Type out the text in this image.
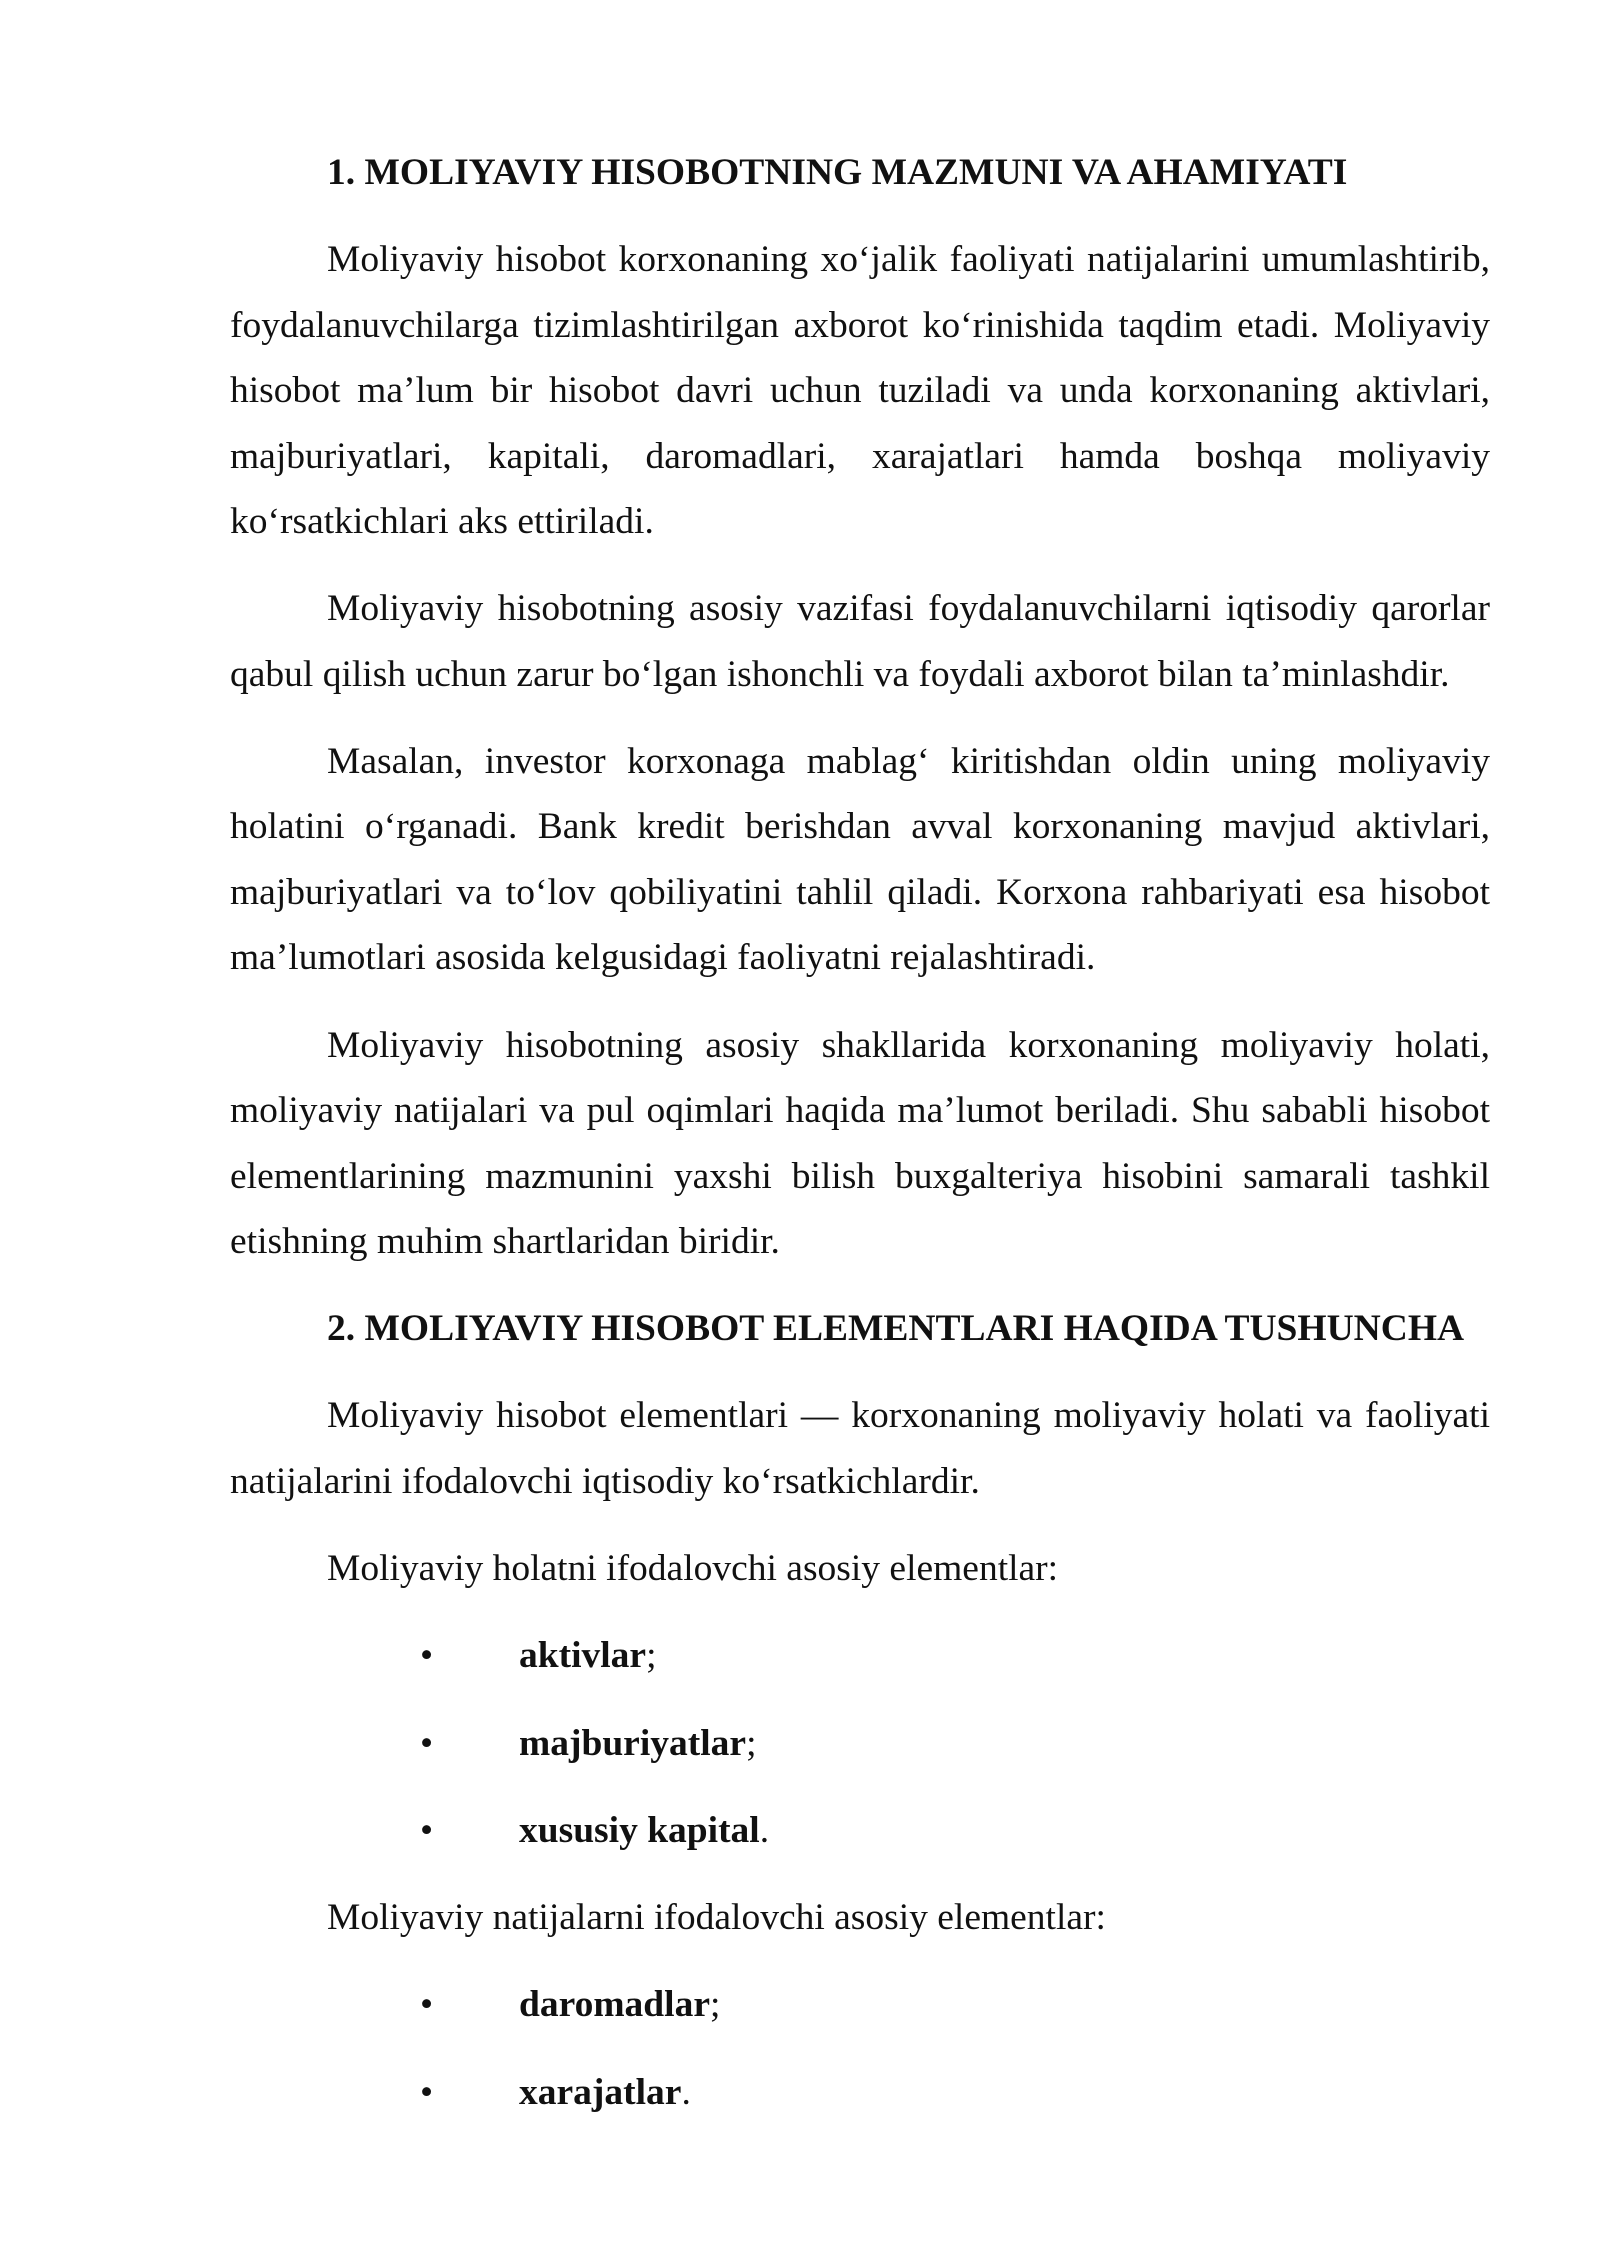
1. MOLIYAVIY HISOBOTNING MAZMUNI VA AHAMIYATI

Moliyaviy hisobot korxonaning xo‘jalik faoliyati natijalarini umumlashtirib, foydalanuvchilarga tizimlashtirilgan axborot ko‘rinishida taqdim etadi. Moliyaviy hisobot ma’lum bir hisobot davri uchun tuziladi va unda korxonaning aktivlari, majburiyatlari, kapitali, daromadlari, xarajatlari hamda boshqa moliyaviy ko‘rsatkichlari aks ettiriladi.

Moliyaviy hisobotning asosiy vazifasi foydalanuvchilarni iqtisodiy qarorlar qabul qilish uchun zarur bo‘lgan ishonchli va foydali axborot bilan ta’minlashdir.

Masalan, investor korxonaga mablag‘ kiritishdan oldin uning moliyaviy holatini o‘rganadi. Bank kredit berishdan avval korxonaning mavjud aktivlari, majburiyatlari va to‘lov qobiliyatini tahlil qiladi. Korxona rahbariyati esa hisobot ma’lumotlari asosida kelgusidagi faoliyatni rejalashtiradi.

Moliyaviy hisobotning asosiy shakllarida korxonaning moliyaviy holati, moliyaviy natijalari va pul oqimlari haqida ma’lumot beriladi. Shu sababli hisobot elementlarining mazmunini yaxshi bilish buxgalteriya hisobini samarali tashkil etishning muhim shartlaridan biridir.

2. MOLIYAVIY HISOBOT ELEMENTLARI HAQIDA TUSHUNCHA

Moliyaviy hisobot elementlari — korxonaning moliyaviy holati va faoliyati natijalarini ifodalovchi iqtisodiy ko‘rsatkichlardir.

Moliyaviy holatni ifodalovchi asosiy elementlar:

•
aktivlar;
•
majburiyatlar;
•
xususiy kapital.

Moliyaviy natijalarni ifodalovchi asosiy elementlar:

•
daromadlar;
•
xarajatlar.
